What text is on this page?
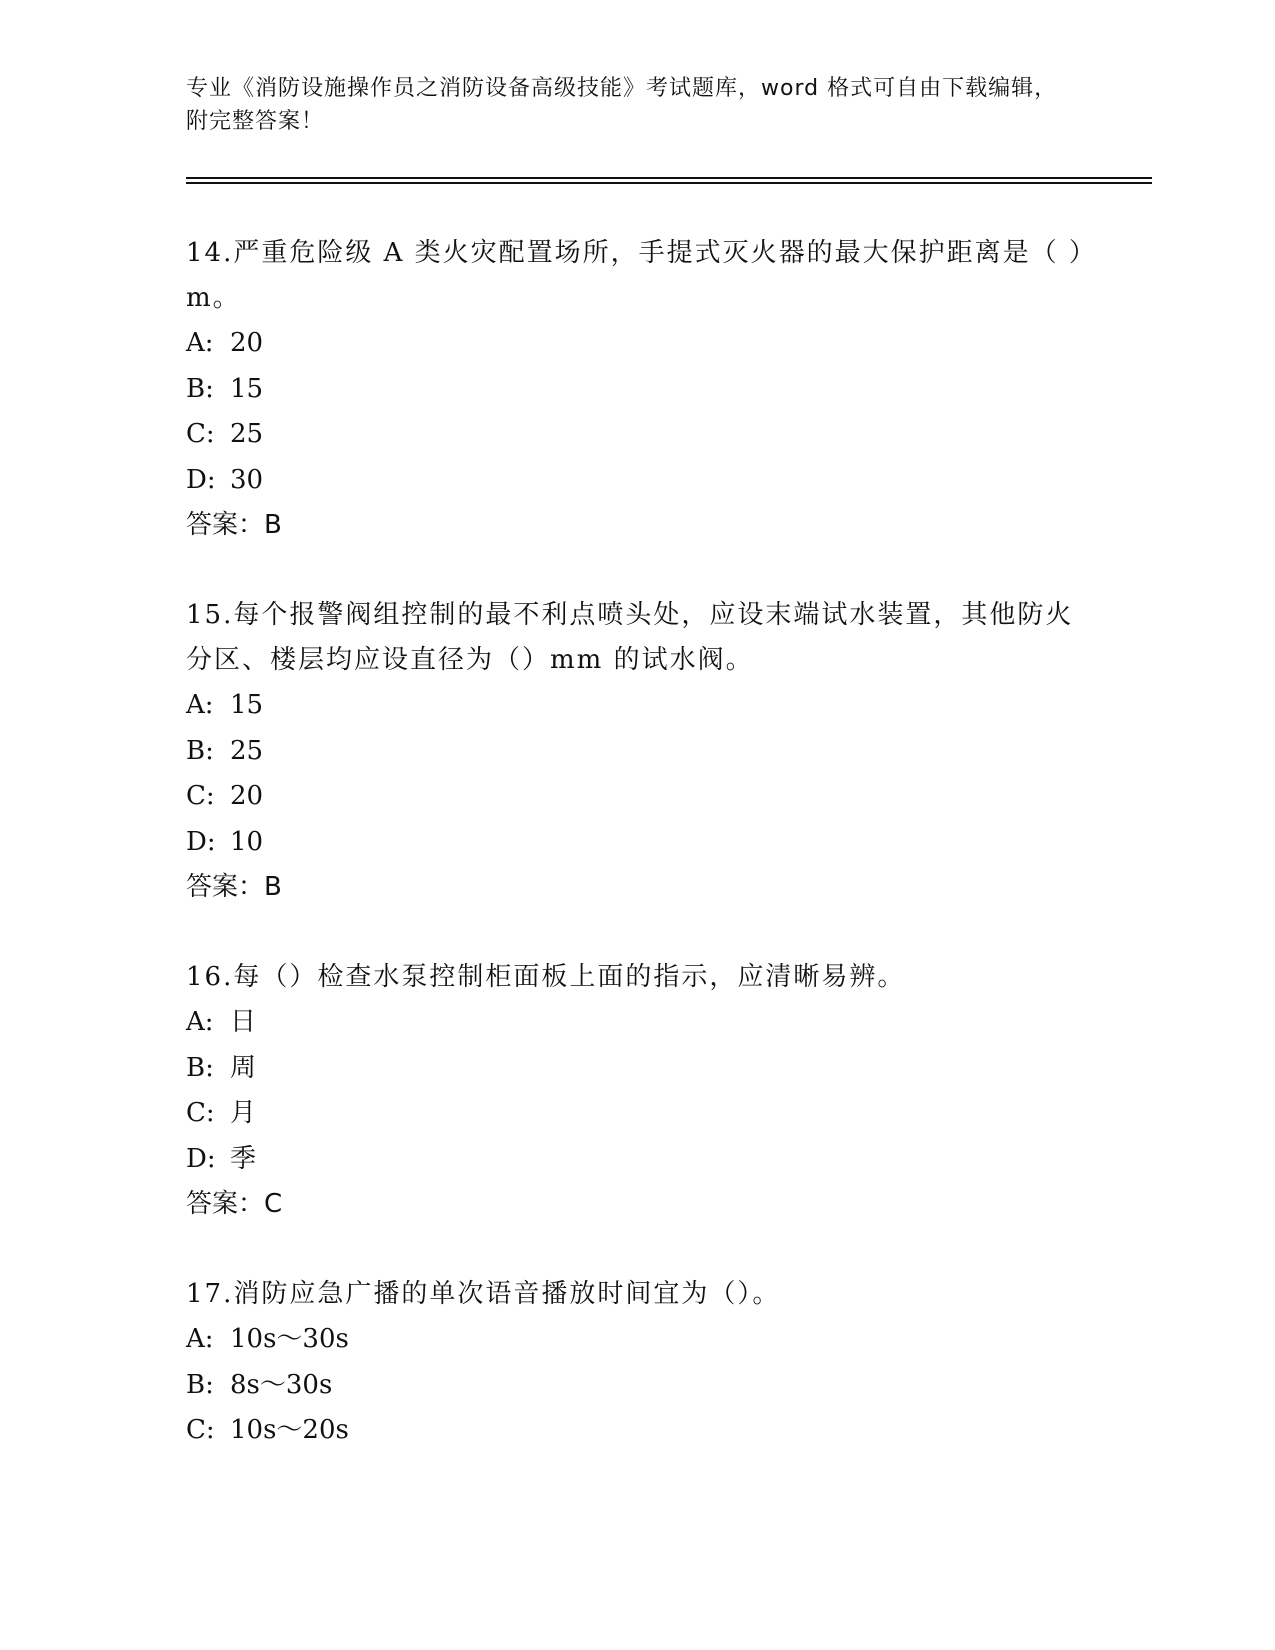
专业《消防设施操作员之消防设备高级技能》考试题库，word 格式可自由下载编辑，附完整答案！

14.严重危险级 A 类火灾配置场所，手提式灭火器的最大保护距离是（ ）m。

A: 20

B: 15

C: 25

D: 30

答案：B

15.每个报警阀组控制的最不利点喷头处，应设末端试水装置，其他防火分区、楼层均应设直径为（）mm 的试水阀。

A: 15

B: 25

C: 20

D: 10

答案：B

16.每（）检查水泵控制柜面板上面的指示，应清晰易辨。

A: 日

B: 周

C: 月

D: 季

答案：C

17.消防应急广播的单次语音播放时间宜为（）。

A: 10s～30s

B: 8s～30s

C: 10s～20s
